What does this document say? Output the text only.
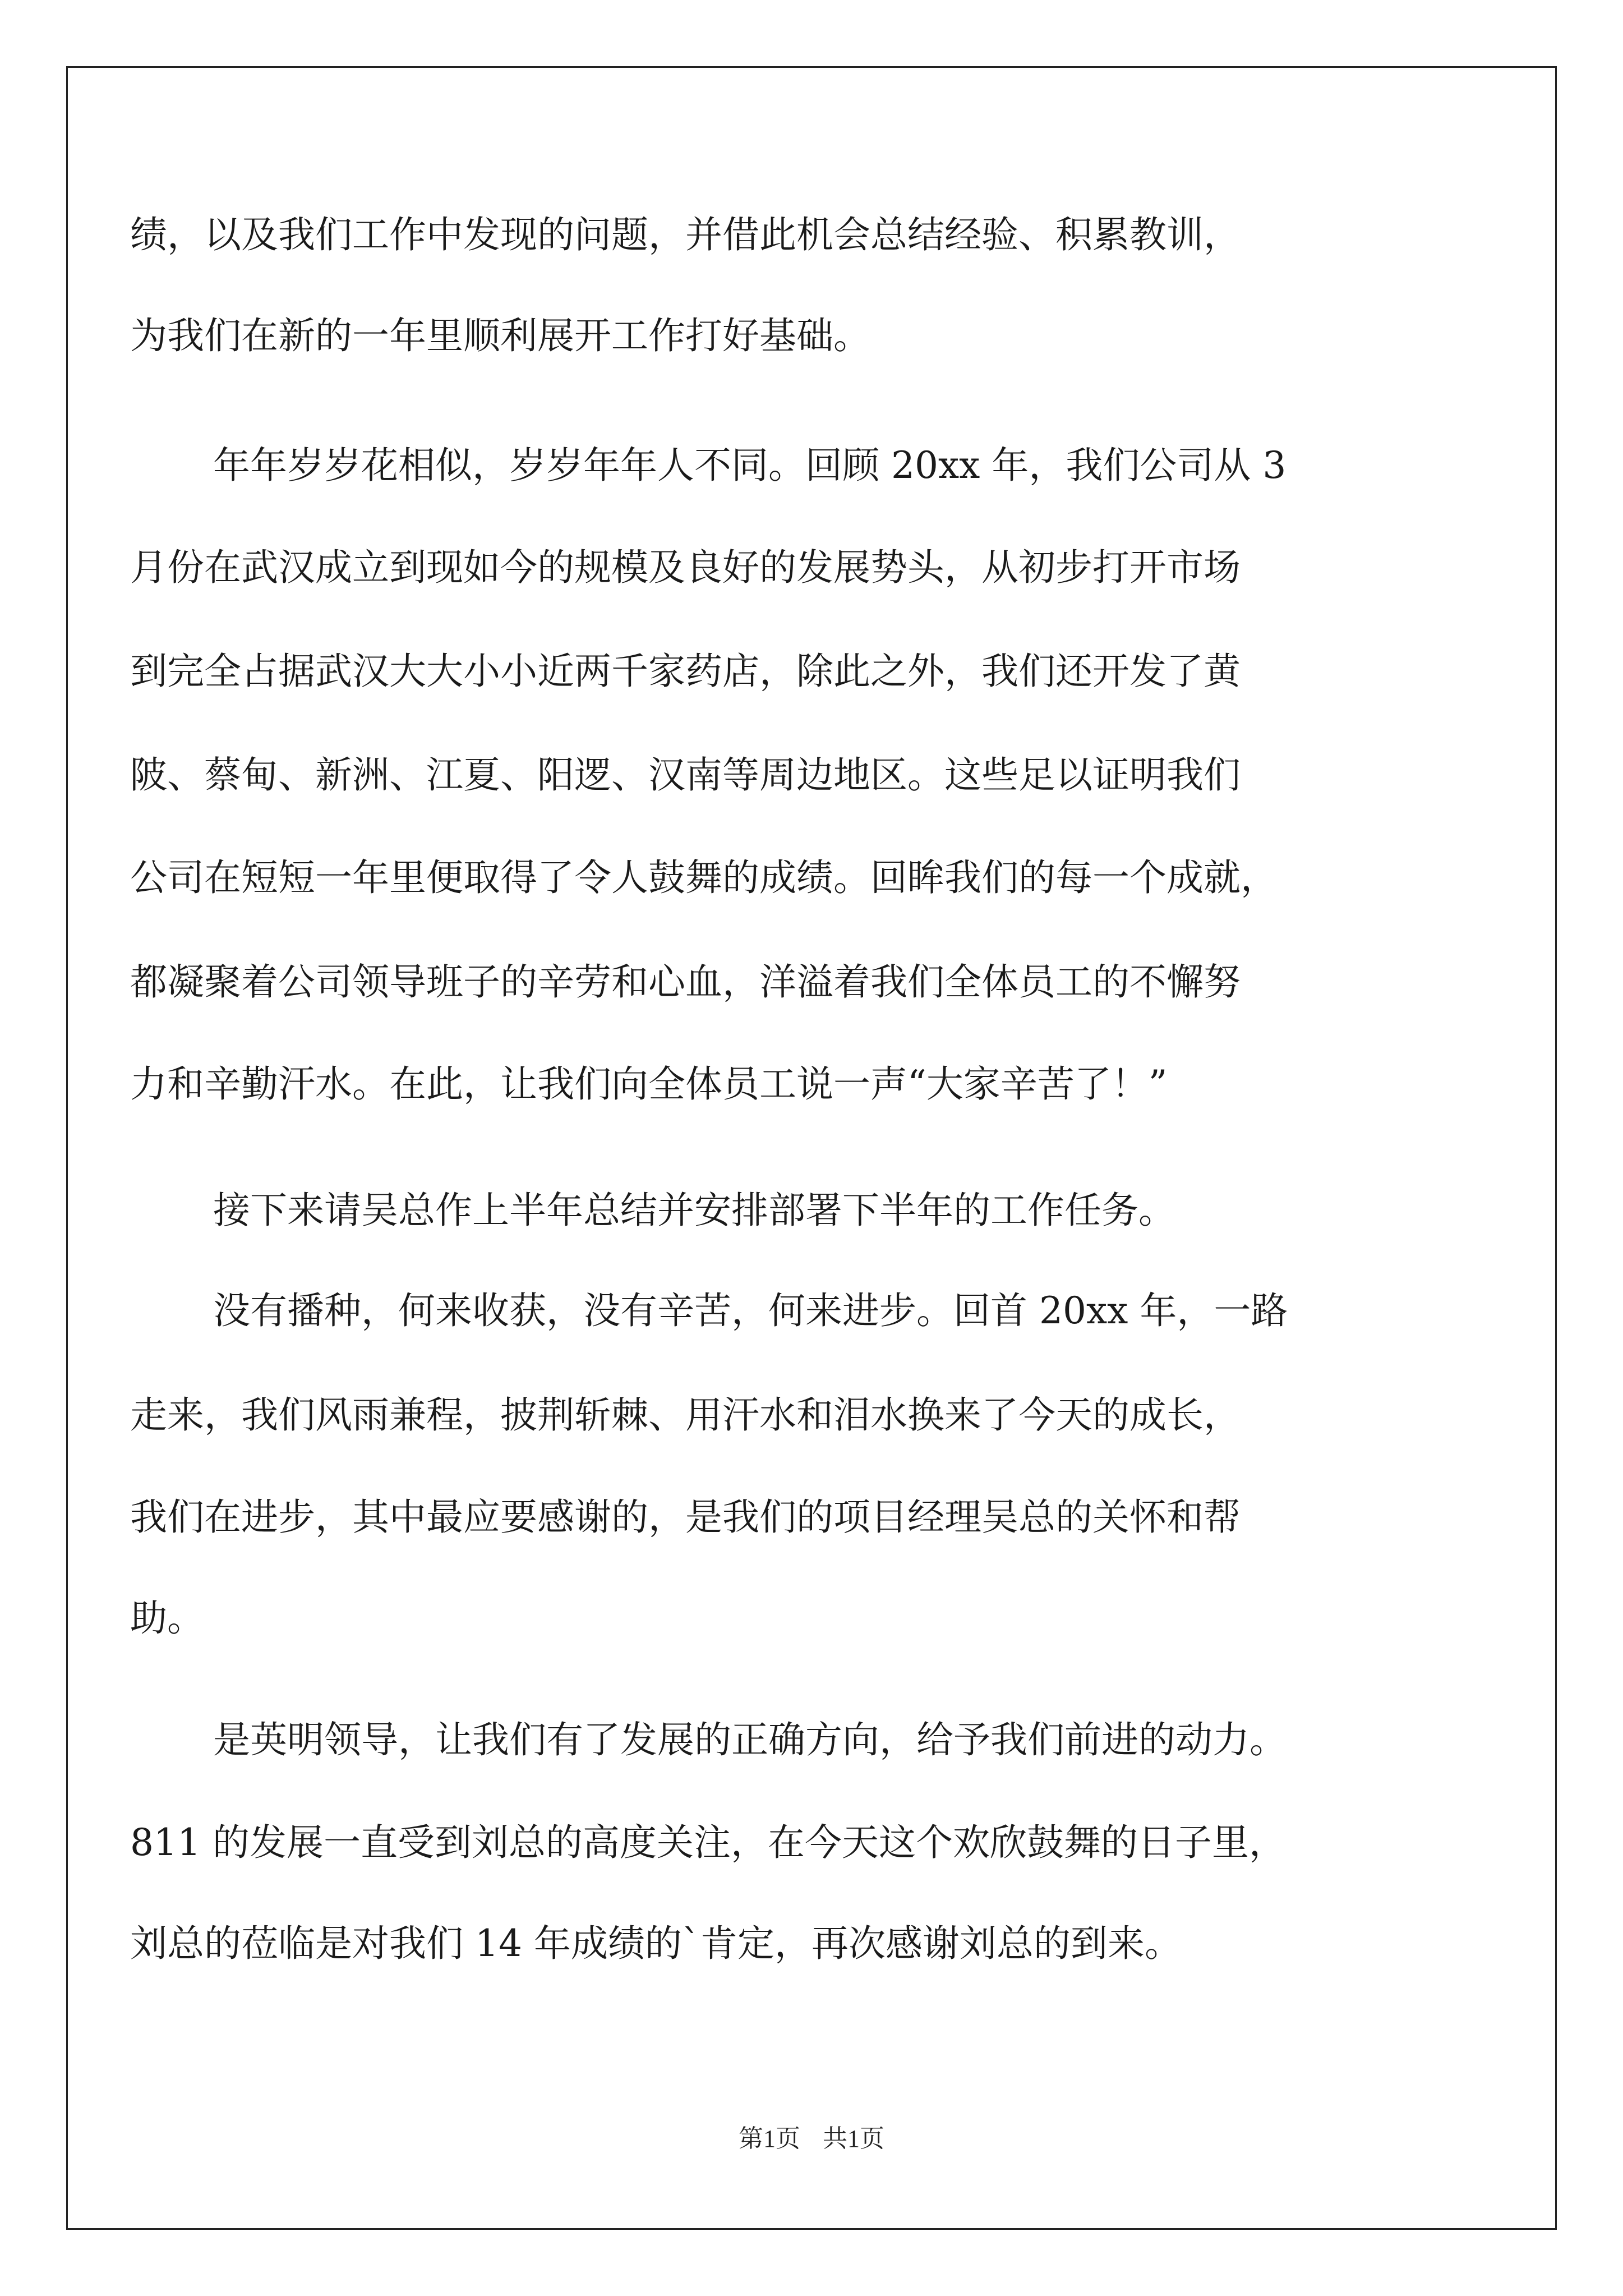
绩，以及我们工作中发现的问题，并借此机会总结经验、积累教训，
为我们在新的一年里顺利展开工作打好基础。
年年岁岁花相似，岁岁年年人不同。回顾 20xx 年，我们公司从 3
月份在武汉成立到现如今的规模及良好的发展势头，从初步打开市场
到完全占据武汉大大小小近两千家药店，除此之外，我们还开发了黄
陂、蔡甸、新洲、江夏、阳逻、汉南等周边地区。这些足以证明我们
公司在短短一年里便取得了令人鼓舞的成绩。回眸我们的每一个成就，
都凝聚着公司领导班子的辛劳和心血，洋溢着我们全体员工的不懈努
力和辛勤汗水。在此，让我们向全体员工说一声“大家辛苦了！”
接下来请吴总作上半年总结并安排部署下半年的工作任务。
没有播种，何来收获，没有辛苦，何来进步。回首 20xx 年，一路
走来，我们风雨兼程，披荆斩棘、用汗水和泪水换来了今天的成长，
我们在进步，其中最应要感谢的，是我们的项目经理吴总的关怀和帮
助。
是英明领导，让我们有了发展的正确方向，给予我们前进的动力。
811 的发展一直受到刘总的高度关注，在今天这个欢欣鼓舞的日子里，
刘总的莅临是对我们 14 年成绩的`肯定，再次感谢刘总的到来。
第1页 共1页
